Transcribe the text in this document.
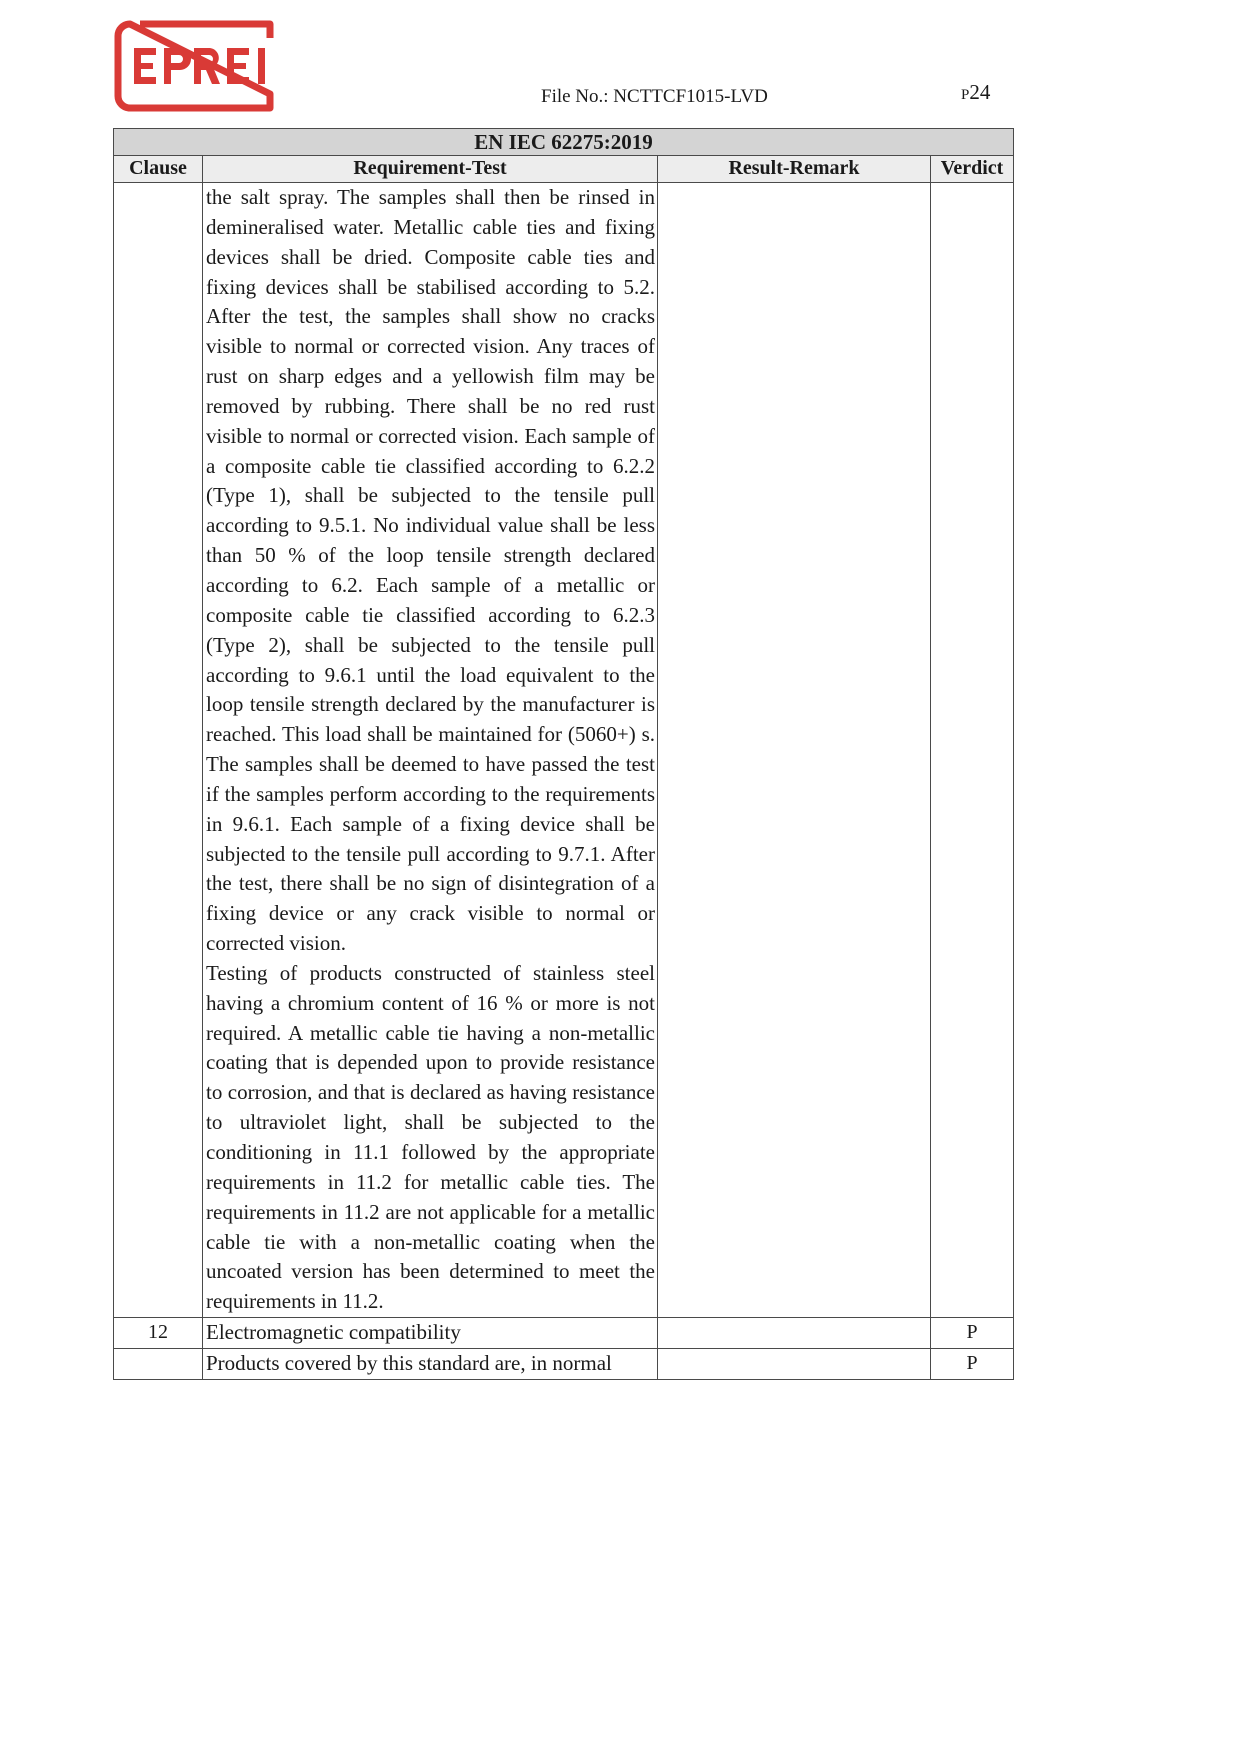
File No.: NCTTCF1015-LVD	P24
EN IEC 62275:2019			
Clause	Requirement-Test	Result-Remark	Verdict

	the salt spray. The samples shall then be rinsed in demineralised water. Metallic cable ties and fixing devices shall be dried. Composite cable ties and fixing devices shall be stabilised according to 5.2. After the test, the samples shall show no cracks visible to normal or corrected vision. Any traces of rust on sharp edges and a yellowish film may be removed by rubbing. There shall be no red rust visible to normal or corrected vision. Each sample of a composite cable tie classified according to 6.2.2 (Type 1), shall be subjected to the tensile pull according to 9.5.1. No individual value shall be less than 50 % of the loop tensile strength declared according to 6.2. Each sample of a metallic or composite cable tie classified according to 6.2.3 (Type 2), shall be subjected to the tensile pull according to 9.6.1 until the load equivalent to the loop tensile strength declared by the manufacturer is reached. This load shall be maintained for (5060+) s. The samples shall be deemed to have passed the test if the samples perform according to the requirements in 9.6.1. Each sample of a fixing device shall be subjected to the tensile pull according to 9.7.1. After the test, there shall be no sign of disintegration of a fixing device or any crack visible to normal or corrected vision.

Testing of products constructed of stainless steel having a chromium content of 16 % or more is not required. A metallic cable tie having a non-metallic coating that is depended upon to provide resistance to corrosion, and that is declared as having resistance to ultraviolet light, shall be subjected to the conditioning in 11.1 followed by the appropriate requirements in 11.2 for metallic cable ties. The requirements in 11.2 are not applicable for a metallic cable tie with a non-metallic coating when the uncoated version has been determined to meet the requirements in 11.2.		

12	Electromagnetic compatibility		P
	Products covered by this standard are, in normal		P
